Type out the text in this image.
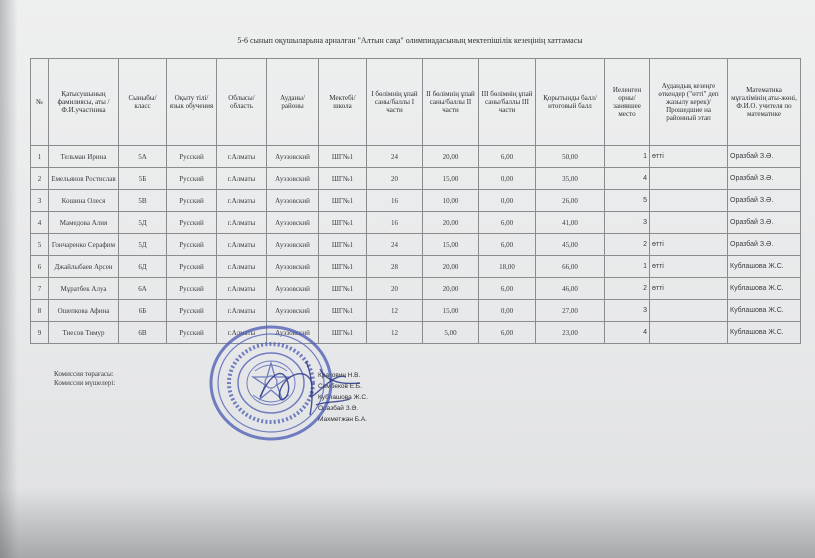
5-6 сынып оқушыларына арналған "Алтын сақа" олимпиадасының мектепішілік кезеңінің хаттамасы
№	Қатысушының фамилиясы, аты /Ф.И.участника	Сыныбы/класс	Оқыту тілі/язык обучения	Облысы/область	Ауданы/районы	Мектебі/школа	I бөлімнің ұпай саны/баллы I части	II бөлімнің ұпай саны/баллы II части	III бөлімнің ұпай саны/баллы III части	Қорытынды балл/итоговый балл	Иеленген орны/занявшее место	Аудандық кезеңге өткендер ("өтті" деп жазылу керек)/Прошедшие на районный этап	Математика мұғалімінің аты-жөні, Ф.И.О. учителя по математике
1	Тельман Ирина	5А	Русский	г.Алматы	Ауэзовский	ШГ№1	24	20,00	6,00	50,00	1	өтті	Оразбай З.Ә.
2	Емельянов Ростислав	5Б	Русский	г.Алматы	Ауэзовский	ШГ№1	20	15,00	0,00	35,00	4		Оразбай З.Ә.
3	Кошина Олеся	5В	Русский	г.Алматы	Ауэзовский	ШГ№1	16	10,00	0,00	26,00	5		Оразбай З.Ә.
4	Мамедова Алия	5Д	Русский	г.Алматы	Ауэзовский	ШГ№1	16	20,00	6,00	41,00	3		Оразбай З.Ә.
5	Гончаренко Серафим	5Д	Русский	г.Алматы	Ауэзовский	ШГ№1	24	15,00	6,00	45,00	2	өтті	Оразбай З.Ә.
6	Джайлыбаев Арсен	6Д	Русский	г.Алматы	Ауэзовский	ШГ№1	28	20,00	18,00	66,00	1	өтті	Кублашова Ж.С.
7	Мұратбек Алуа	6А	Русский	г.Алматы	Ауэзовский	ШГ№1	20	20,00	6,00	46,00	2	өтті	Кублашова Ж.С.
8	Ошепкова Афина	6Б	Русский	г.Алматы	Ауэзовский	ШГ№1	12	15,00	0,00	27,00	3		Кублашова Ж.С.
9	Тиесов Тимур	6В	Русский	г.Алматы	Ауэзовский	ШГ№1	12	5,00	6,00	23,00	4		Кублашова Ж.С.
Комиссия төрағасы:
Комиссия мүшелері:
Кратович Н.В.
Сембеков Е.Б.
Кублашова Ж.С.
Оразбай З.Ә.
Махметжан Б.А.
